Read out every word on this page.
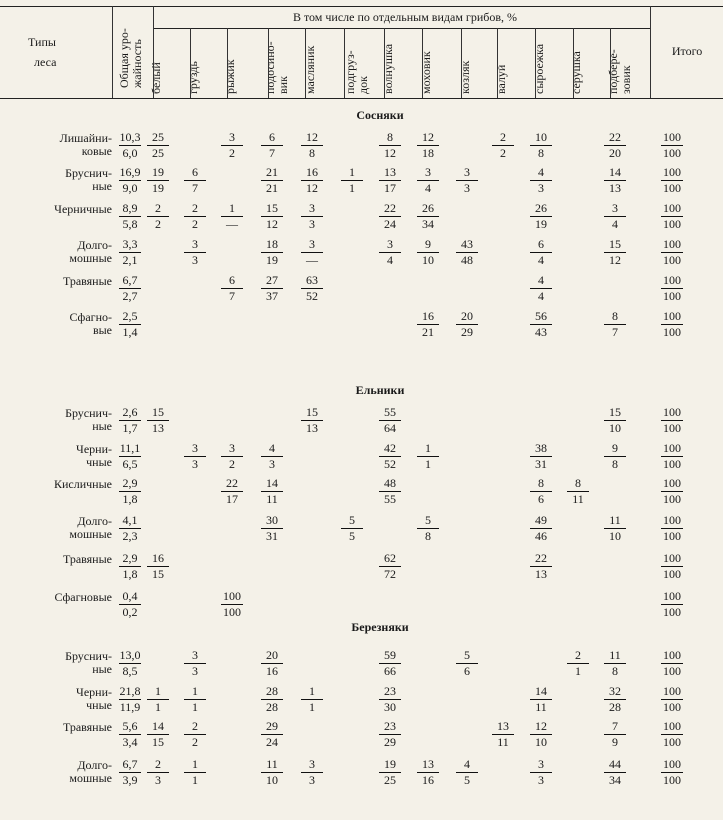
Типы
леса
В том числе по отдельным видам грибов, %
Общая уро-
жайность	Итого
белый груздь рыжик подосино-
вик масляник подгруз-
док волнушка моховик козляк валуй сыроежка серушка подбере-
зовик
Сосняки
Лишайни-
ковые
10,3
6,0
25
25
3
2
6
7
12
8
8
12
12
18
2
2
10
8
22
20
100
100
Бруснич-
ные
16,9
9,0
19
19
6
7
21
21
16
12
1
1
13
17
3
4
3
3
4
3
14
13
100
100
Черничные 8,9
5,8
2
2
2
2
1
—
15
12
3
3
22
24
26
34
26
19
3
4
100
100
Долго-
мошные
3,3
2,1
3
3
18
19
3
—
3
4
9
10
43
48
6
4
15
12
100
100
Травяные 6,7
2,7
6
7
27
37
63
52
4
4
100
100
Сфагно-
вые
2,5
1,4
16
21
20
29
56
43
8
7
100
100
Ельники
Бруснич-
ные
2,6
1,7
15
13
15
13
55
64
15
10
100
100
Черни-
чные
11,1
6,5
3
3
3
2
4
3
42
52
1
1
38
31
9
8
100
100
Кисличные 2,9
1,8
22
17
14
11
48
55
8
6
8
11
100
100
Долго-
мошные
4,1
2,3
30
31
5
5
5
8
49
46
11
10
100
100
Травяные 2,9
1,8
16
15
62
72
22
13
100
100
Сфагновые 0,4
0,2
100
100
100
100
Березняки
Бруснич-
ные
13,0
8,5
3
3
20
16
59
66
5
6
2
1
11
8
100
100
Черни-
чные
21,8
11,9
1
1
1
1
28
28
1
1
23
30
14
11
32
28
100
100
Травяные 5,6
3,4
14
15
2
2
29
24
23
29
13
11
12
10
7
9
100
100
Долго-
мошные
6,7
3,9
2
3
1
1
11
10
3
3
19
25
13
16
4
5
3
3
44
34
100
100
